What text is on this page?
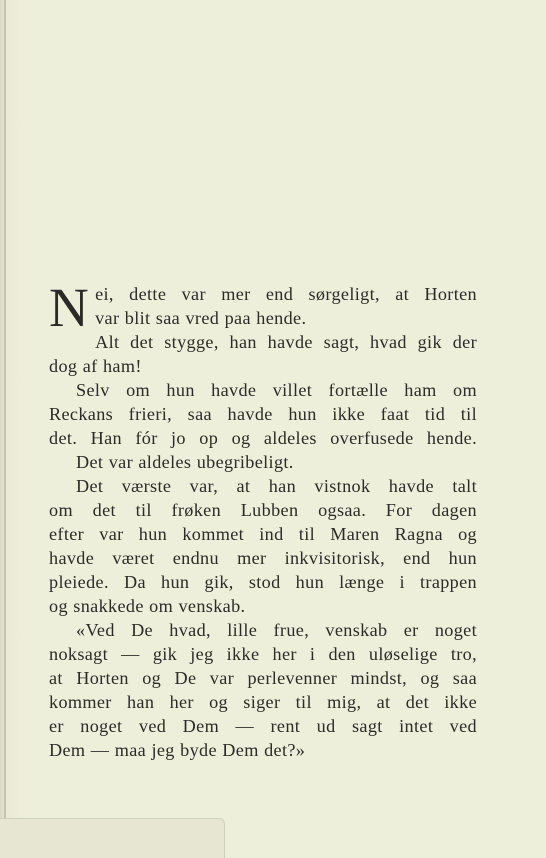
N ei, dette var mer end sørgeligt, at Horten
var blit saa vred paa hende.
Alt det stygge, han havde sagt, hvad gik der
dog af ham!
Selv om hun havde villet fortælle ham om
Reckans frieri, saa havde hun ikke faat tid til
det. Han fór jo op og aldeles overfusede hende.
Det var aldeles ubegribeligt.
Det værste var, at han vistnok havde talt
om det til frøken Lubben ogsaa. For dagen
efter var hun kommet ind til Maren Ragna og
havde været endnu mer inkvisitorisk, end hun
pleiede. Da hun gik, stod hun længe i trappen
og snakkede om venskab.
«Ved De hvad, lille frue, venskab er noget
noksagt — gik jeg ikke her i den uløselige tro,
at Horten og De var perlevenner mindst, og saa
kommer han her og siger til mig, at det ikke
er noget ved Dem — rent ud sagt intet ved
Dem — maa jeg byde Dem det?»
